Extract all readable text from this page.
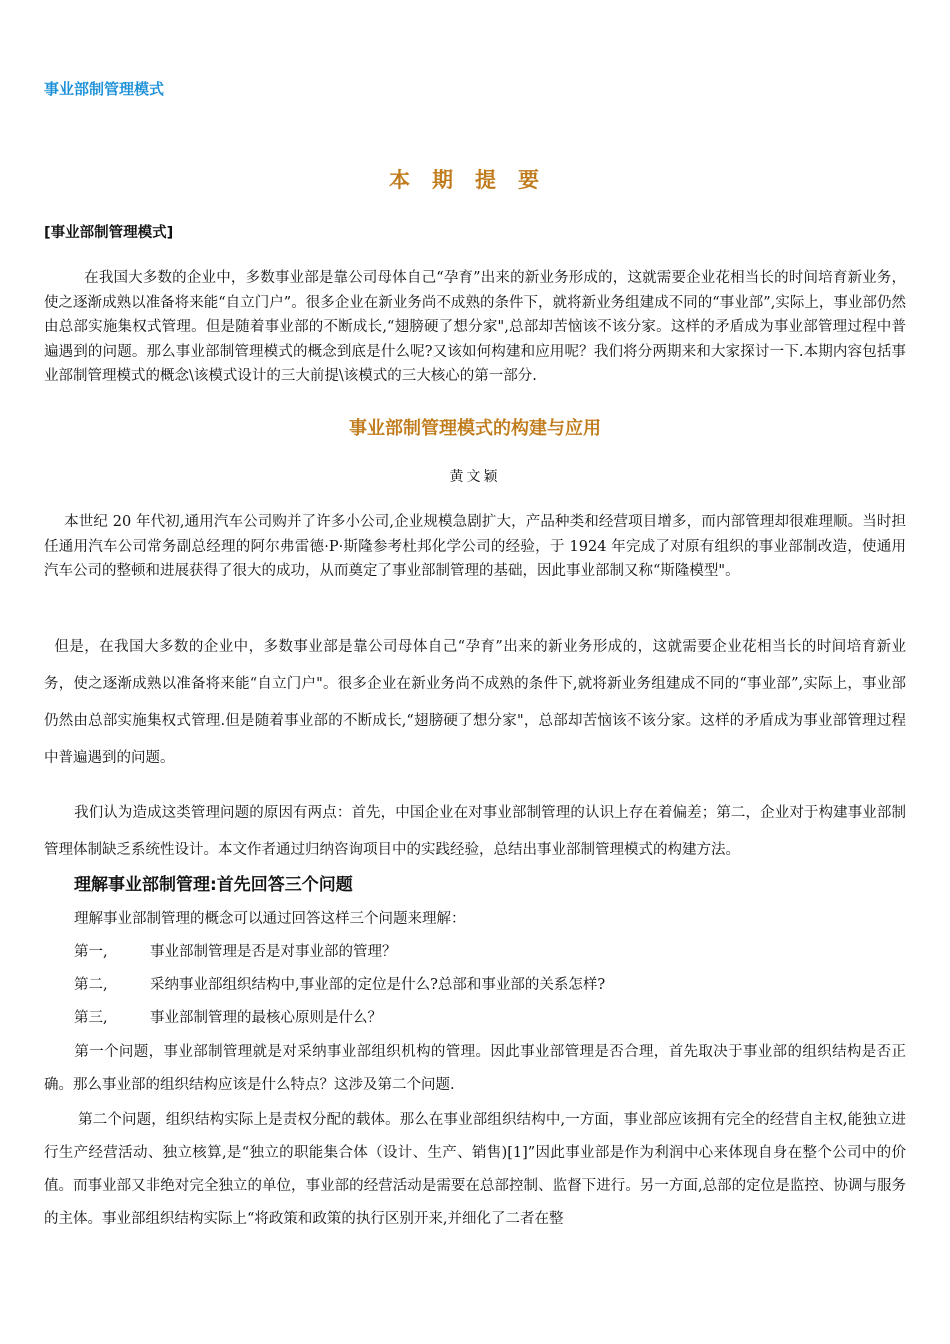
事业部制管理模式
本期提要
[事业部制管理模式]
在我国大多数的企业中，多数事业部是靠公司母体自己“孕育”出来的新业务形成的，这就需要企业花相当长的时间培育新业务，使之逐渐成熟以准备将来能“自立门户”。很多企业在新业务尚不成熟的条件下，就将新业务组建成不同的“事业部”,实际上，事业部仍然由总部实施集权式管理。但是随着事业部的不断成长,“翅膀硬了想分家",总部却苦恼该不该分家。这样的矛盾成为事业部管理过程中普遍遇到的问题。那么事业部制管理模式的概念到底是什么呢?又该如何构建和应用呢？我们将分两期来和大家探讨一下.本期内容包括事业部制管理模式的概念\该模式设计的三大前提\该模式的三大核心的第一部分.
事业部制管理模式的构建与应用
黄文颖
本世纪 20 年代初,通用汽车公司购并了许多小公司,企业规模急剧扩大，产品种类和经营项目增多，而内部管理却很难理顺。当时担任通用汽车公司常务副总经理的阿尔弗雷德·P·斯隆参考杜邦化学公司的经验，于 1924 年完成了对原有组织的事业部制改造，使通用汽车公司的整顿和进展获得了很大的成功，从而奠定了事业部制管理的基础，因此事业部制又称“斯隆模型"。
但是，在我国大多数的企业中，多数事业部是靠公司母体自己“孕育”出来的新业务形成的，这就需要企业花相当长的时间培育新业务，使之逐渐成熟以准备将来能“自立门户"。很多企业在新业务尚不成熟的条件下,就将新业务组建成不同的“事业部”,实际上，事业部仍然由总部实施集权式管理.但是随着事业部的不断成长,“翅膀硬了想分家"，总部却苦恼该不该分家。这样的矛盾成为事业部管理过程中普遍遇到的问题。
我们认为造成这类管理问题的原因有两点：首先，中国企业在对事业部制管理的认识上存在着偏差；第二，企业对于构建事业部制管理体制缺乏系统性设计。本文作者通过归纳咨询项目中的实践经验，总结出事业部制管理模式的构建方法。
理解事业部制管理:首先回答三个问题
理解事业部制管理的概念可以通过回答这样三个问题来理解：
第一,	事业部制管理是否是对事业部的管理？
第二,	采纳事业部组织结构中,事业部的定位是什么?总部和事业部的关系怎样?
第三,	事业部制管理的最核心原则是什么？
第一个问题，事业部制管理就是对采纳事业部组织机构的管理。因此事业部管理是否合理，首先取决于事业部的组织结构是否正确。那么事业部的组织结构应该是什么特点？这涉及第二个问题.
第二个问题，组织结构实际上是责权分配的载体。那么在事业部组织结构中,一方面，事业部应该拥有完全的经营自主权,能独立进行生产经营活动、独立核算,是“独立的职能集合体（设计、生产、销售)[1]”因此事业部是作为利润中心来体现自身在整个公司中的价值。而事业部又非绝对完全独立的单位，事业部的经营活动是需要在总部控制、监督下进行。另一方面,总部的定位是监控、协调与服务的主体。事业部组织结构实际上“将政策和政策的执行区别开来,并细化了二者在整
